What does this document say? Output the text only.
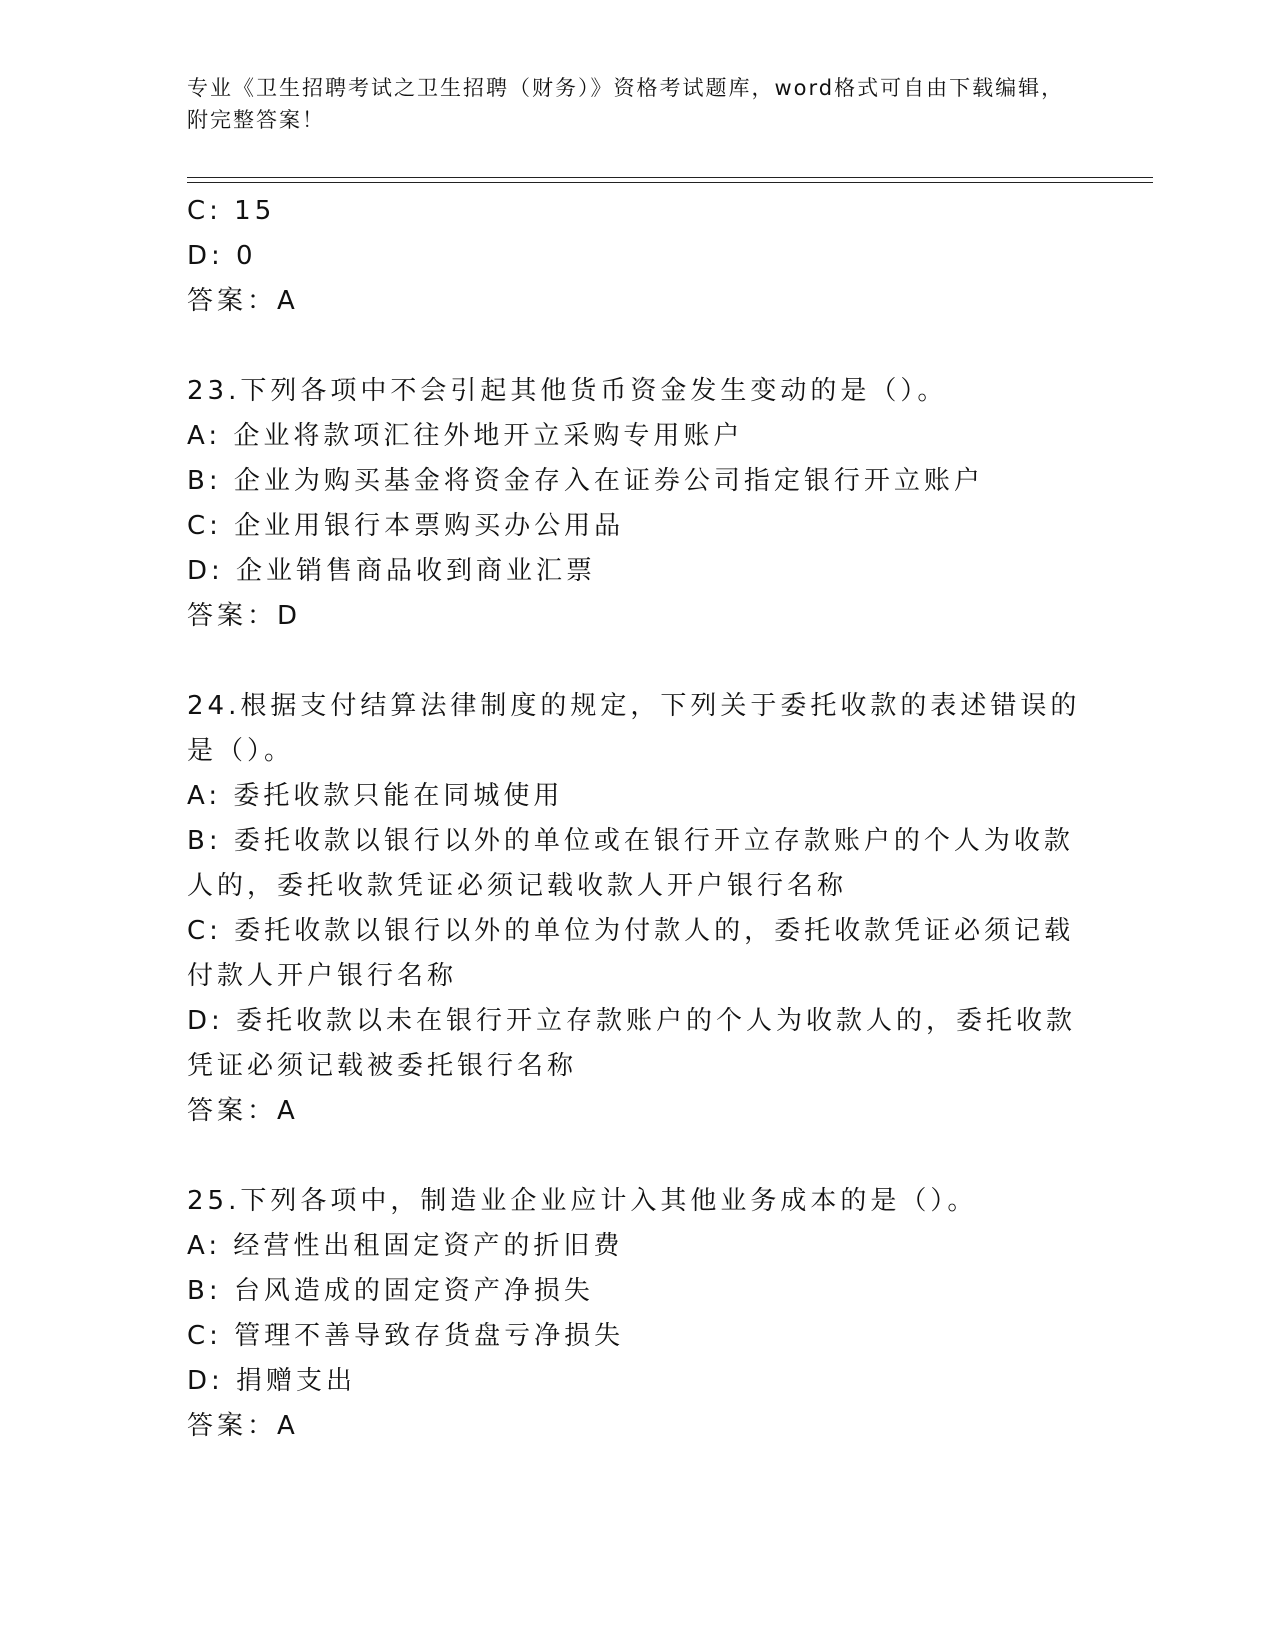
专业《卫生招聘考试之卫生招聘（财务）》资格考试题库，word格式可自由下载编辑，附完整答案！
C: 15
D: 0
答案：A
23.下列各项中不会引起其他货币资金发生变动的是（）。
A: 企业将款项汇往外地开立采购专用账户
B: 企业为购买基金将资金存入在证券公司指定银行开立账户
C: 企业用银行本票购买办公用品
D: 企业销售商品收到商业汇票
答案：D
24.根据支付结算法律制度的规定，下列关于委托收款的表述错误的是（）。
A: 委托收款只能在同城使用
B: 委托收款以银行以外的单位或在银行开立存款账户的个人为收款人的，委托收款凭证必须记载收款人开户银行名称
C: 委托收款以银行以外的单位为付款人的，委托收款凭证必须记载付款人开户银行名称
D: 委托收款以未在银行开立存款账户的个人为收款人的，委托收款凭证必须记载被委托银行名称
答案：A
25.下列各项中，制造业企业应计入其他业务成本的是（）。
A: 经营性出租固定资产的折旧费
B: 台风造成的固定资产净损失
C: 管理不善导致存货盘亏净损失
D: 捐赠支出
答案：A
